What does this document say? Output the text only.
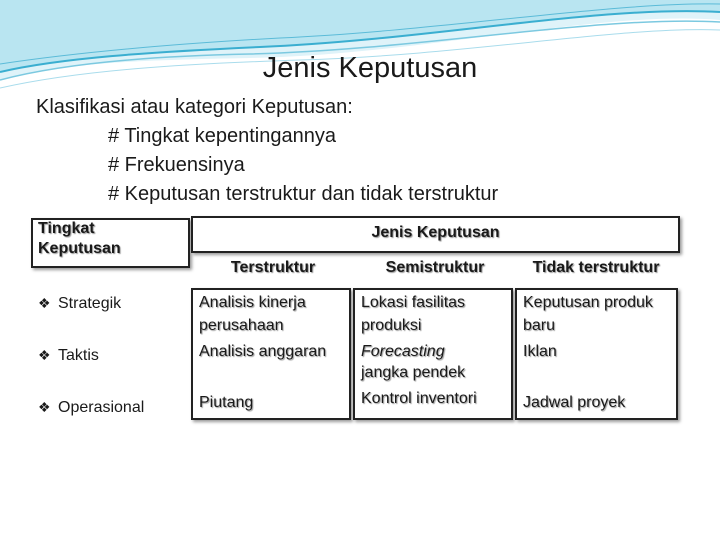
Jenis Keputusan
Klasifikasi atau kategori Keputusan:
# Tingkat kepentingannya
# Frekuensinya
# Keputusan terstruktur dan tidak terstruktur
Tingkat Keputusan
Jenis Keputusan
Terstruktur	Semistruktur	Tidak terstruktur
❖ Strategik
❖ Taktis
❖ Operasional
Analisis kinerja perusahaan
Analisis anggaran
Piutang
Lokasi fasilitas produksi
Forecasting
jangka pendek
Kontrol inventori
Keputusan produk baru
Iklan
Jadwal proyek
